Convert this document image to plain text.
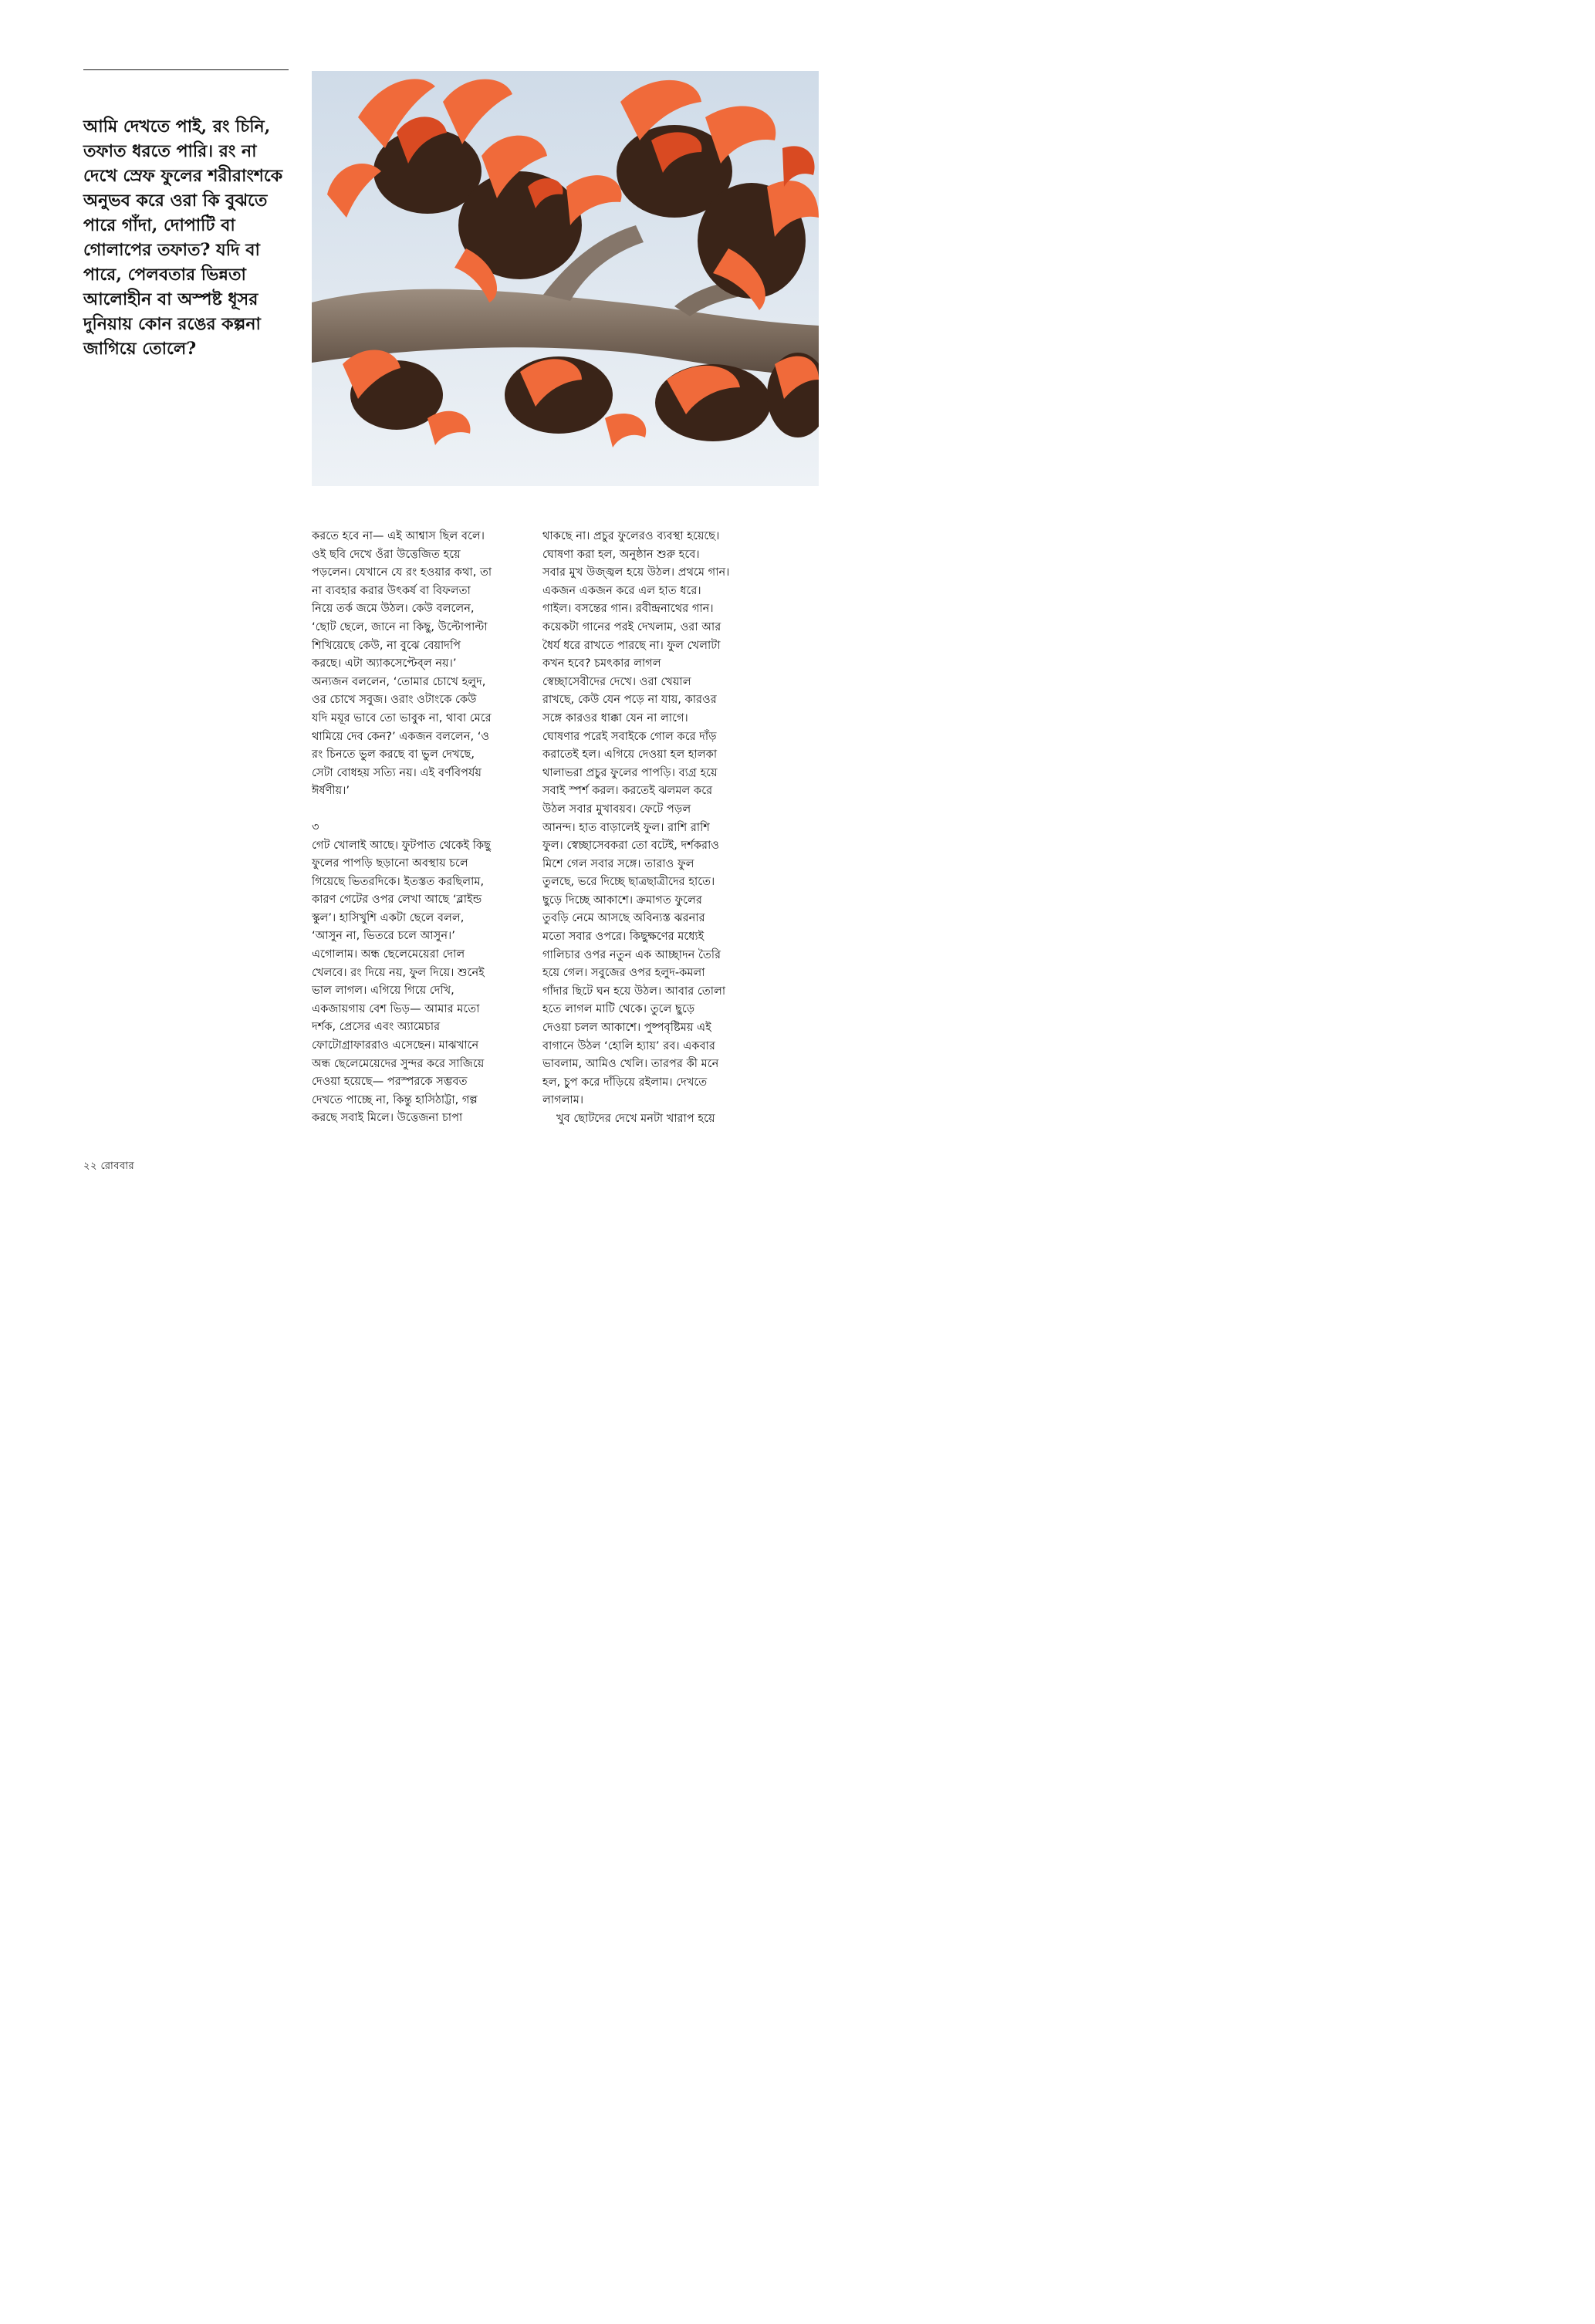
আমি দেখতে পাই, রং চিনি, তফাত ধরতে পারি। রং না দেখে স্রেফ ফুলের শরীরাংশকে অনুভব করে ওরা কি বুঝতে পারে গাঁদা, দোপাটি বা গোলাপের তফাত? যদি বা পারে, পেলবতার ভিন্নতা আলোহীন বা অস্পষ্ট ধূসর দুনিয়ায় কোন রঙের কল্পনা জাগিয়ে তোলে?

করতে হবে না— এই আশ্বাস ছিল বলে।
ওই ছবি দেখে ওঁরা উত্তেজিত হয়ে
পড়লেন। যেখানে যে রং হওয়ার কথা, তা
না ব্যবহার করার উৎকর্ষ বা বিফলতা
নিয়ে তর্ক জমে উঠল। কেউ বললেন,
‘ছোট ছেলে, জানে না কিছু, উল্টোপাল্টা
শিখিয়েছে কেউ, না বুঝে বেয়াদপি
করছে। এটা অ্যাকসেপ্টেব্‌ল নয়।’
অন্যজন বললেন, ‘তোমার চোখে হলুদ,
ওর চোখে সবুজ। ওরাং ওটাংকে কেউ
যদি ময়ূর ভাবে তো ভাবুক না, থাবা মেরে
থামিয়ে দেব কেন?’ একজন বললেন, ‘ও
রং চিনতে ভুল করছে বা ভুল দেখছে,
সেটা বোধহয় সত্যি নয়। এই বর্ণবিপর্যয়
ঈর্ষণীয়।’

৩

গেট খোলাই আছে। ফুটপাত থেকেই কিছু
ফুলের পাপড়ি ছড়ানো অবস্থায় চলে
গিয়েছে ভিতরদিকে। ইতস্তত করছিলাম,
কারণ গেটের ওপর লেখা আছে ‘ব্লাইন্ড
স্কুল’। হাসিখুশি একটা ছেলে বলল,
‘আসুন না, ভিতরে চলে আসুন।’
এগোলাম। অন্ধ ছেলেমেয়েরা দোল
খেলবে। রং দিয়ে নয়, ফুল দিয়ে। শুনেই
ভাল লাগল। এগিয়ে গিয়ে দেখি,
একজায়গায় বেশ ভিড়— আমার মতো
দর্শক, প্রেসের এবং অ্যামেচার
ফোটোগ্রাফাররাও এসেছেন। মাঝখানে
অন্ধ ছেলেমেয়েদের সুন্দর করে সাজিয়ে
দেওয়া হয়েছে— পরস্পরকে সম্ভবত
দেখতে পাচ্ছে না, কিন্তু হাসিঠাট্টা, গল্প
করছে সবাই মিলে। উত্তেজনা চাপা

থাকছে না। প্রচুর ফুলেরও ব্যবস্থা হয়েছে।
ঘোষণা করা হল, অনুষ্ঠান শুরু হবে।
সবার মুখ উজ্জ্বল হয়ে উঠল। প্রথমে গান।
একজন একজন করে এল হাত ধরে।
গাইল। বসন্তের গান। রবীন্দ্রনাথের গান।
কয়েকটা গানের পরই দেখলাম, ওরা আর
ধৈর্য ধরে রাখতে পারছে না। ফুল খেলাটা
কখন হবে? চমৎকার লাগল
স্বেচ্ছাসেবীদের দেখে। ওরা খেয়াল
রাখছে, কেউ যেন পড়ে না যায়, কারওর
সঙ্গে কারওর ধাক্কা যেন না লাগে।
ঘোষণার পরেই সবাইকে গোল করে দাঁড়
করাতেই হল। এগিয়ে দেওয়া হল হালকা
থালাভরা প্রচুর ফুলের পাপড়ি। ব্যগ্র হয়ে
সবাই স্পর্শ করল। করতেই ঝলমল করে
উঠল সবার মুখাবয়ব। ফেটে পড়ল
আনন্দ। হাত বাড়ালেই ফুল। রাশি রাশি
ফুল। স্বেচ্ছাসেবকরা তো বটেই, দর্শকরাও
মিশে গেল সবার সঙ্গে। তারাও ফুল
তুলছে, ভরে দিচ্ছে ছাত্রছাত্রীদের হাতে।
ছুড়ে দিচ্ছে আকাশে। ক্রমাগত ফুলের
তুবড়ি নেমে আসছে অবিন্যস্ত ঝরনার
মতো সবার ওপরে। কিছুক্ষণের মধ্যেই
গালিচার ওপর নতুন এক আচ্ছাদন তৈরি
হয়ে গেল। সবুজের ওপর হলুদ-কমলা
গাঁদার ছিটে ঘন হয়ে উঠল। আবার তোলা
হতে লাগল মাটি থেকে। তুলে ছুড়ে
দেওয়া চলল আকাশে। পুষ্পবৃষ্টিময় এই
বাগানে উঠল ‘হোলি হ্যায়’ রব। একবার
ভাবলাম, আমিও খেলি। তারপর কী মনে
হল, চুপ করে দাঁড়িয়ে রইলাম। দেখতে
লাগলাম।

খুব ছোটদের দেখে মনটা খারাপ হয়ে

২২ রোববার
